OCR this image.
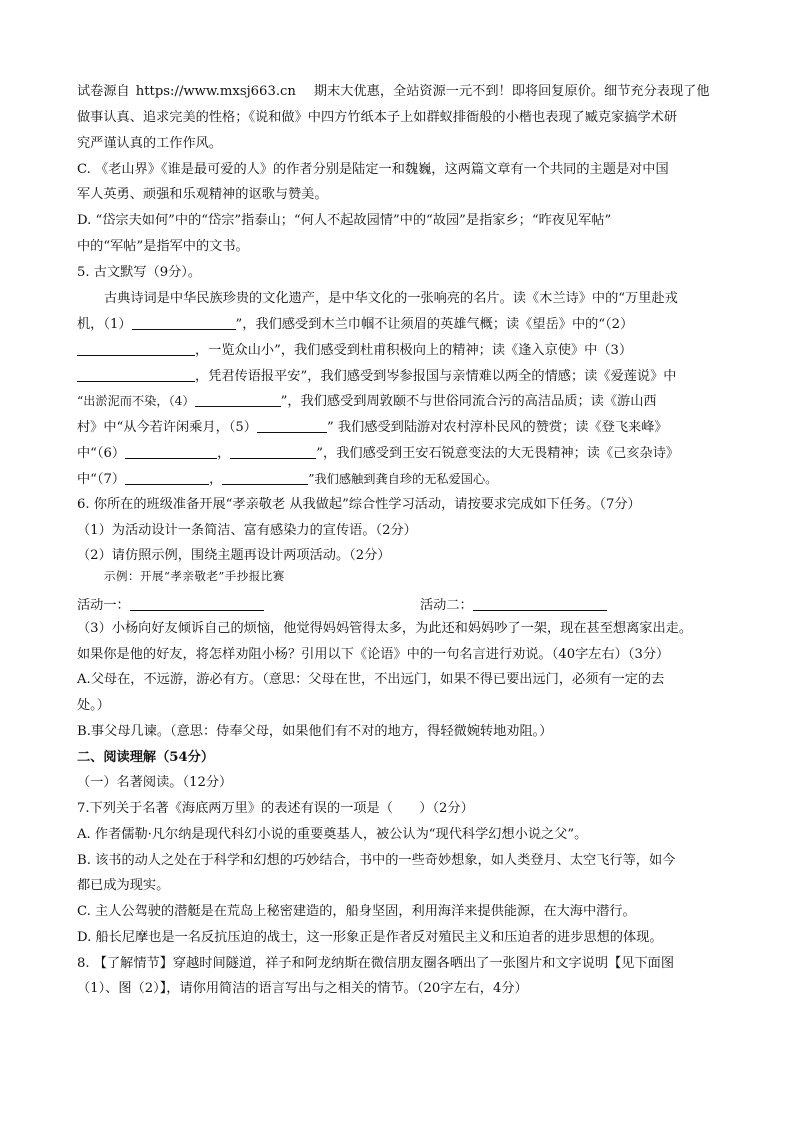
试卷源自 https://www.mxsj663.cn 期末大优惠，全站资源一元不到！即将回复原价。细节充分表现了他
做事认真、追求完美的性格；《说和做》中四方竹纸本子上如群蚁排衙般的小楷也表现了臧克家搞学术研
究严谨认真的工作作风。
C. 《老山界》《谁是最可爱的人》的作者分别是陆定一和魏巍，这两篇文章有一个共同的主题是对中国
军人英勇、顽强和乐观精神的讴歌与赞美。
D. “岱宗夫如何”中的“岱宗”指泰山；“何人不起故园情”中的“故园”是指家乡；“昨夜见军帖”
中的“军帖”是指军中的文书。
5. 古文默写（9分）。
古典诗词是中华民族珍贵的文化遗产，是中华文化的一张响亮的名片。读《木兰诗》中的“万里赴戎
机，（1）	”，我们感受到木兰巾帼不让须眉的英雄气概；读《望岳》中的“（2）
，一览众山小”，我们感受到杜甫积极向上的精神；读《逢入京使》中（3）
，凭君传语报平安”，我们感受到岑参报国与亲情难以两全的情感；读《爱莲说》中
“出淤泥而不染，（4）	”，我们感受到周敦颐不与世俗同流合污的高洁品质；读《游山西
村》中“从今若许闲乘月，（5）	” 我们感受到陆游对农村淳朴民风的赞赏；读《登飞来峰》
中“（6）	，	”，我们感受到王安石锐意变法的大无畏精神；读《己亥杂诗》
中“（7）	，	”我们感触到龚自珍的无私爱国心。
6. 你所在的班级准备开展“孝亲敬老 从我做起”综合性学习活动，请按要求完成如下任务。（7分）
（1）为活动设计一条简洁、富有感染力的宣传语。（2分）
（2）请仿照示例，围绕主题再设计两项活动。（2分）
示例：开展“孝亲敬老”手抄报比赛
活动一：	活动二：
（3）小杨向好友倾诉自己的烦恼，他觉得妈妈管得太多，为此还和妈妈吵了一架，现在甚至想离家出走。
如果你是他的好友，将怎样劝阻小杨？引用以下《论语》中的一句名言进行劝说。（40字左右）（3分）
A.父母在，不远游，游必有方。（意思：父母在世，不出远门，如果不得已要出远门，必须有一定的去
处。）
B.事父母几谏。（意思：侍奉父母，如果他们有不对的地方，得轻微婉转地劝阻。）
二、阅读理解（54分）
（一）名著阅读。（12分）
7.下列关于名著《海底两万里》的表述有误的一项是（　　）（2分）
A. 作者儒勒·凡尔纳是现代科幻小说的重要奠基人，被公认为“现代科学幻想小说之父”。
B. 该书的动人之处在于科学和幻想的巧妙结合，书中的一些奇妙想象，如人类登月、太空飞行等，如今
都已成为现实。
C. 主人公驾驶的潜艇是在荒岛上秘密建造的，船身坚固，利用海洋来提供能源，在大海中潜行。
D. 船长尼摩也是一名反抗压迫的战士，这一形象正是作者反对殖民主义和压迫者的进步思想的体现。
8. 【了解情节】穿越时间隧道，祥子和阿龙纳斯在微信朋友圈各晒出了一张图片和文字说明【见下面图
（1）、图（2）】，请你用简洁的语言写出与之相关的情节。（20字左右，4分）
